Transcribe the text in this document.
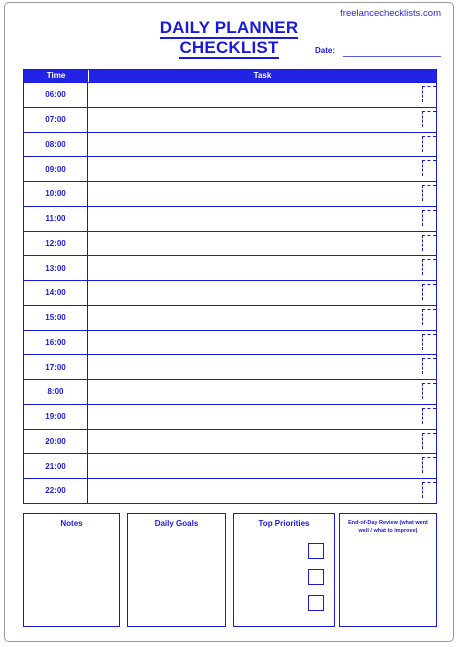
freelancechecklists.com
DAILY PLANNER
CHECKLIST	Date:
Time	Task
06:00
07:00
08:00
09:00
10:00
11:00
12:00
13:00
14:00
15:00
16:00
17:00
8:00
19:00
20:00
21:00
22:00
Notes	Daily Goals	Top Priorities	End-of-Day Review (what went well / what to improve)
